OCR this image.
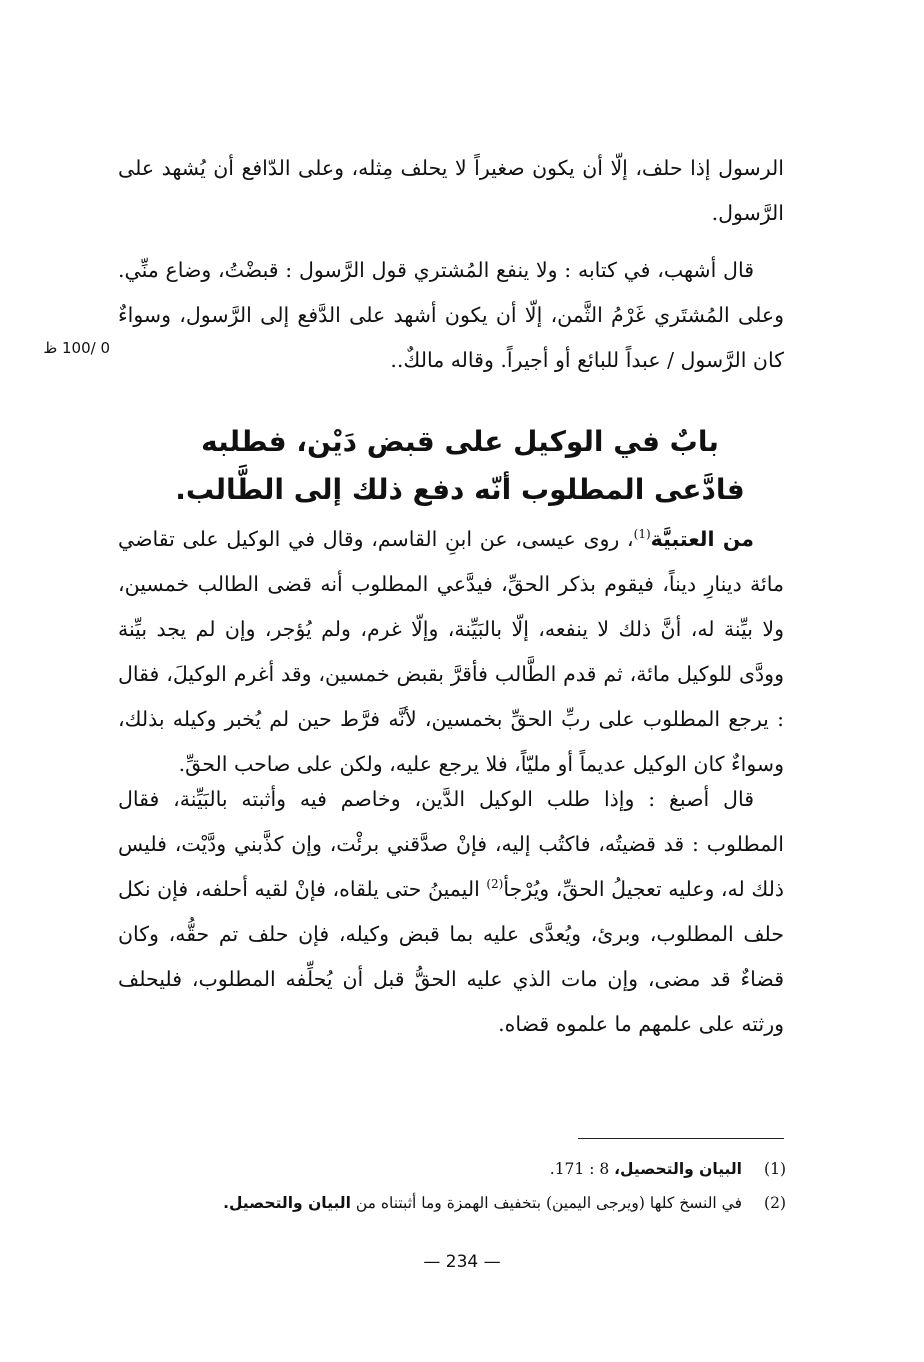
الرسول إذا حلف، إلّا أن يكون صغيراً لا يحلف مِثله، وعلى الدّافع أن يُشهد على الرَّسول.

قال أشهب، في كتابه : ولا ينفع المُشتري قول الرَّسول : قبضْتُ، وضاع منِّي. وعلى المُشتَري غَرْمُ الثَّمن، إلّا أن يكون أشهد على الدَّفع إلى الرَّسول، وسواءٌ كان الرَّسول / عبداً للبائع أو أجيراً. وقاله مالكٌ..

0 /100 ظ
بابٌ في الوكيل على قبض دَيْن، فطلبه
فادَّعى المطلوب أنّه دفع ذلك إلى الطَّالب.

من العتبيَّة$^{(1)}$، روى عيسى، عن ابنِ القاسم، وقال في الوكيل على تقاضي مائة دينارِ ديناً، فيقوم بذكر الحقِّ، فيدَّعي المطلوب أنه قضى الطالب خمسين، ولا بيِّنة له، أنَّ ذلك لا ينفعه، إلّا بالبَيِّنة، وإلّا غرم، ولم يُؤجر، وإن لم يجد بيِّنة وودَّى للوكيل مائة، ثم قدم الطَّالب فأقرَّ بقبض خمسين، وقد أغرم الوكيلَ، فقال : يرجع المطلوب على ربِّ الحقِّ بخمسين، لأنَّه فرَّط حين لم يُخبر وكيله بذلك، وسواءٌ كان الوكيل عديماً أو مليّاً، فلا يرجع عليه، ولكن على صاحب الحقِّ.

قال أصبغ : وإذا طلب الوكيل الدَّين، وخاصم فيه وأثبته بالبَيِّنة، فقال المطلوب : قد قضيتُه، فاكتُب إليه، فإنْ صدَّقني برئْت، وإن كذَّبني ودَّيْت، فليس ذلك له، وعليه تعجيلُ الحقِّ، ويُرْجأ$^{(2)}$ اليمينُ حتى يلقاه، فإنْ لقيه أحلفه، فإن نكل حلف المطلوب، وبرئ، ويُعدَّى عليه بما قبض وكيله، فإن حلف تم حقُّه، وكان قضاءٌ قد مضى، وإن مات الذي عليه الحقُّ قبل أن يُحلِّفه المطلوب، فليحلف ورثته على علمهم ما علموه قضاه.

(1)البيان والتحصيل، 8 : 171.
(2)في النسخ كلها (ويرجى اليمين) بتخفيف الهمزة وما أثبتناه من البيان والتحصيل.
— 234 —
